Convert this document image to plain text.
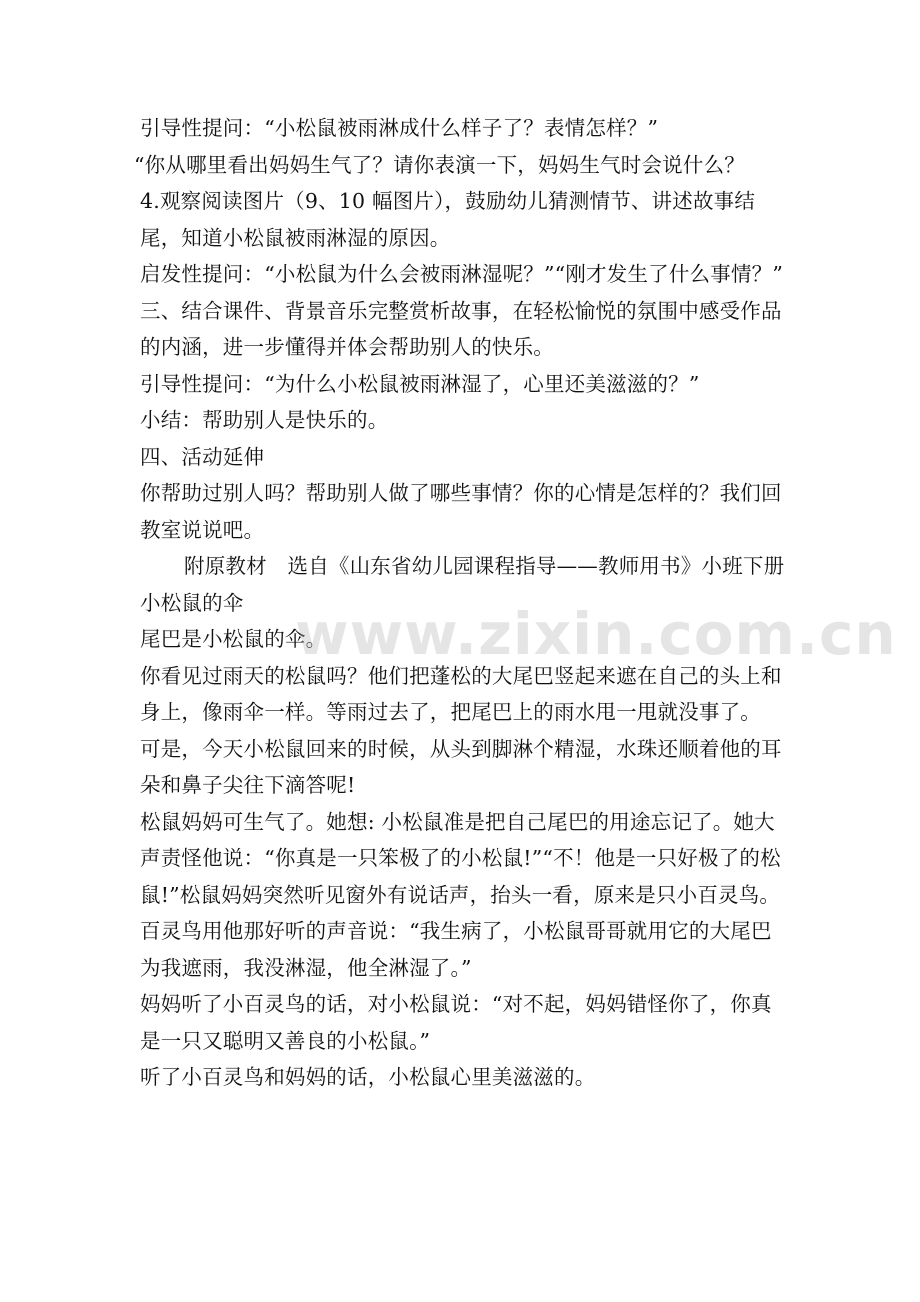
引导性提问：“小松鼠被雨淋成什么样子了？表情怎样？”

“你从哪里看出妈妈生气了？请你表演一下，妈妈生气时会说什么？

4.观察阅读图片（9、10 幅图片），鼓励幼儿猜测情节、讲述故事结尾，知道小松鼠被雨淋湿的原因。

启发性提问：“小松鼠为什么会被雨淋湿呢？”“刚才发生了什么事情？”

三、结合课件、背景音乐完整赏析故事，在轻松愉悦的氛围中感受作品的内涵，进一步懂得并体会帮助别人的快乐。

引导性提问：“为什么小松鼠被雨淋湿了，心里还美滋滋的？”

小结：帮助别人是快乐的。

四、活动延伸

你帮助过别人吗？帮助别人做了哪些事情？你的心情是怎样的？我们回教室说说吧。

附原教材　选自《山东省幼儿园课程指导——教师用书》小班下册小松鼠的伞

尾巴是小松鼠的伞。

你看见过雨天的松鼠吗？他们把蓬松的大尾巴竖起来遮在自己的头上和身上，像雨伞一样。等雨过去了，把尾巴上的雨水甩一甩就没事了。

可是，今天小松鼠回来的时候，从头到脚淋个精湿，水珠还顺着他的耳朵和鼻子尖往下滴答呢!

松鼠妈妈可生气了。她想: 小松鼠准是把自己尾巴的用途忘记了。她大声责怪他说：“你真是一只笨极了的小松鼠!”“不！他是一只好极了的松鼠!”松鼠妈妈突然听见窗外有说话声，抬头一看，原来是只小百灵鸟。百灵鸟用他那好听的声音说：“我生病了，小松鼠哥哥就用它的大尾巴为我遮雨，我没淋湿，他全淋湿了。”

妈妈听了小百灵鸟的话，对小松鼠说：“对不起，妈妈错怪你了，你真是一只又聪明又善良的小松鼠。”

听了小百灵鸟和妈妈的话，小松鼠心里美滋滋的。

www.zixin.com.cn
